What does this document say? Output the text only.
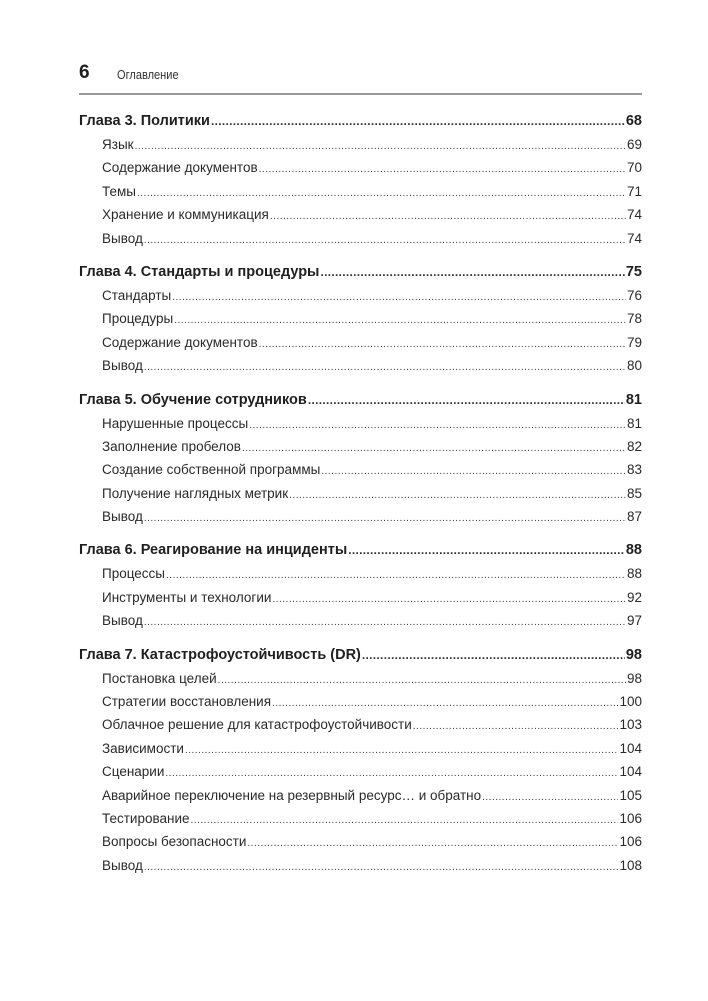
6 Оглавление
Глава 3. Политики .....	68
Язык .....	69
Содержание документов .....	70
Темы .....	71
Хранение и коммуникация .....	74
Вывод .....	74
Глава 4. Стандарты и процедуры .....	75
Стандарты .....	76
Процедуры .....	78
Содержание документов .....	79
Вывод .....	80
Глава 5. Обучение сотрудников .....	81
Нарушенные процессы .....	81
Заполнение пробелов .....	82
Создание собственной программы .....	83
Получение наглядных метрик .....	85
Вывод .....	87
Глава 6. Реагирование на инциденты .....	88
Процессы .....	88
Инструменты и технологии .....	92
Вывод .....	97
Глава 7. Катастрофоустойчивость (DR) .....	98
Постановка целей .....	98
Стратегии восстановления .....	100
Облачное решение для катастрофоустойчивости .....	103
Зависимости .....	104
Сценарии .....	104
Аварийное переключение на резервный ресурс… и обратно .....	105
Тестирование .....	106
Вопросы безопасности .....	106
Вывод .....	108
